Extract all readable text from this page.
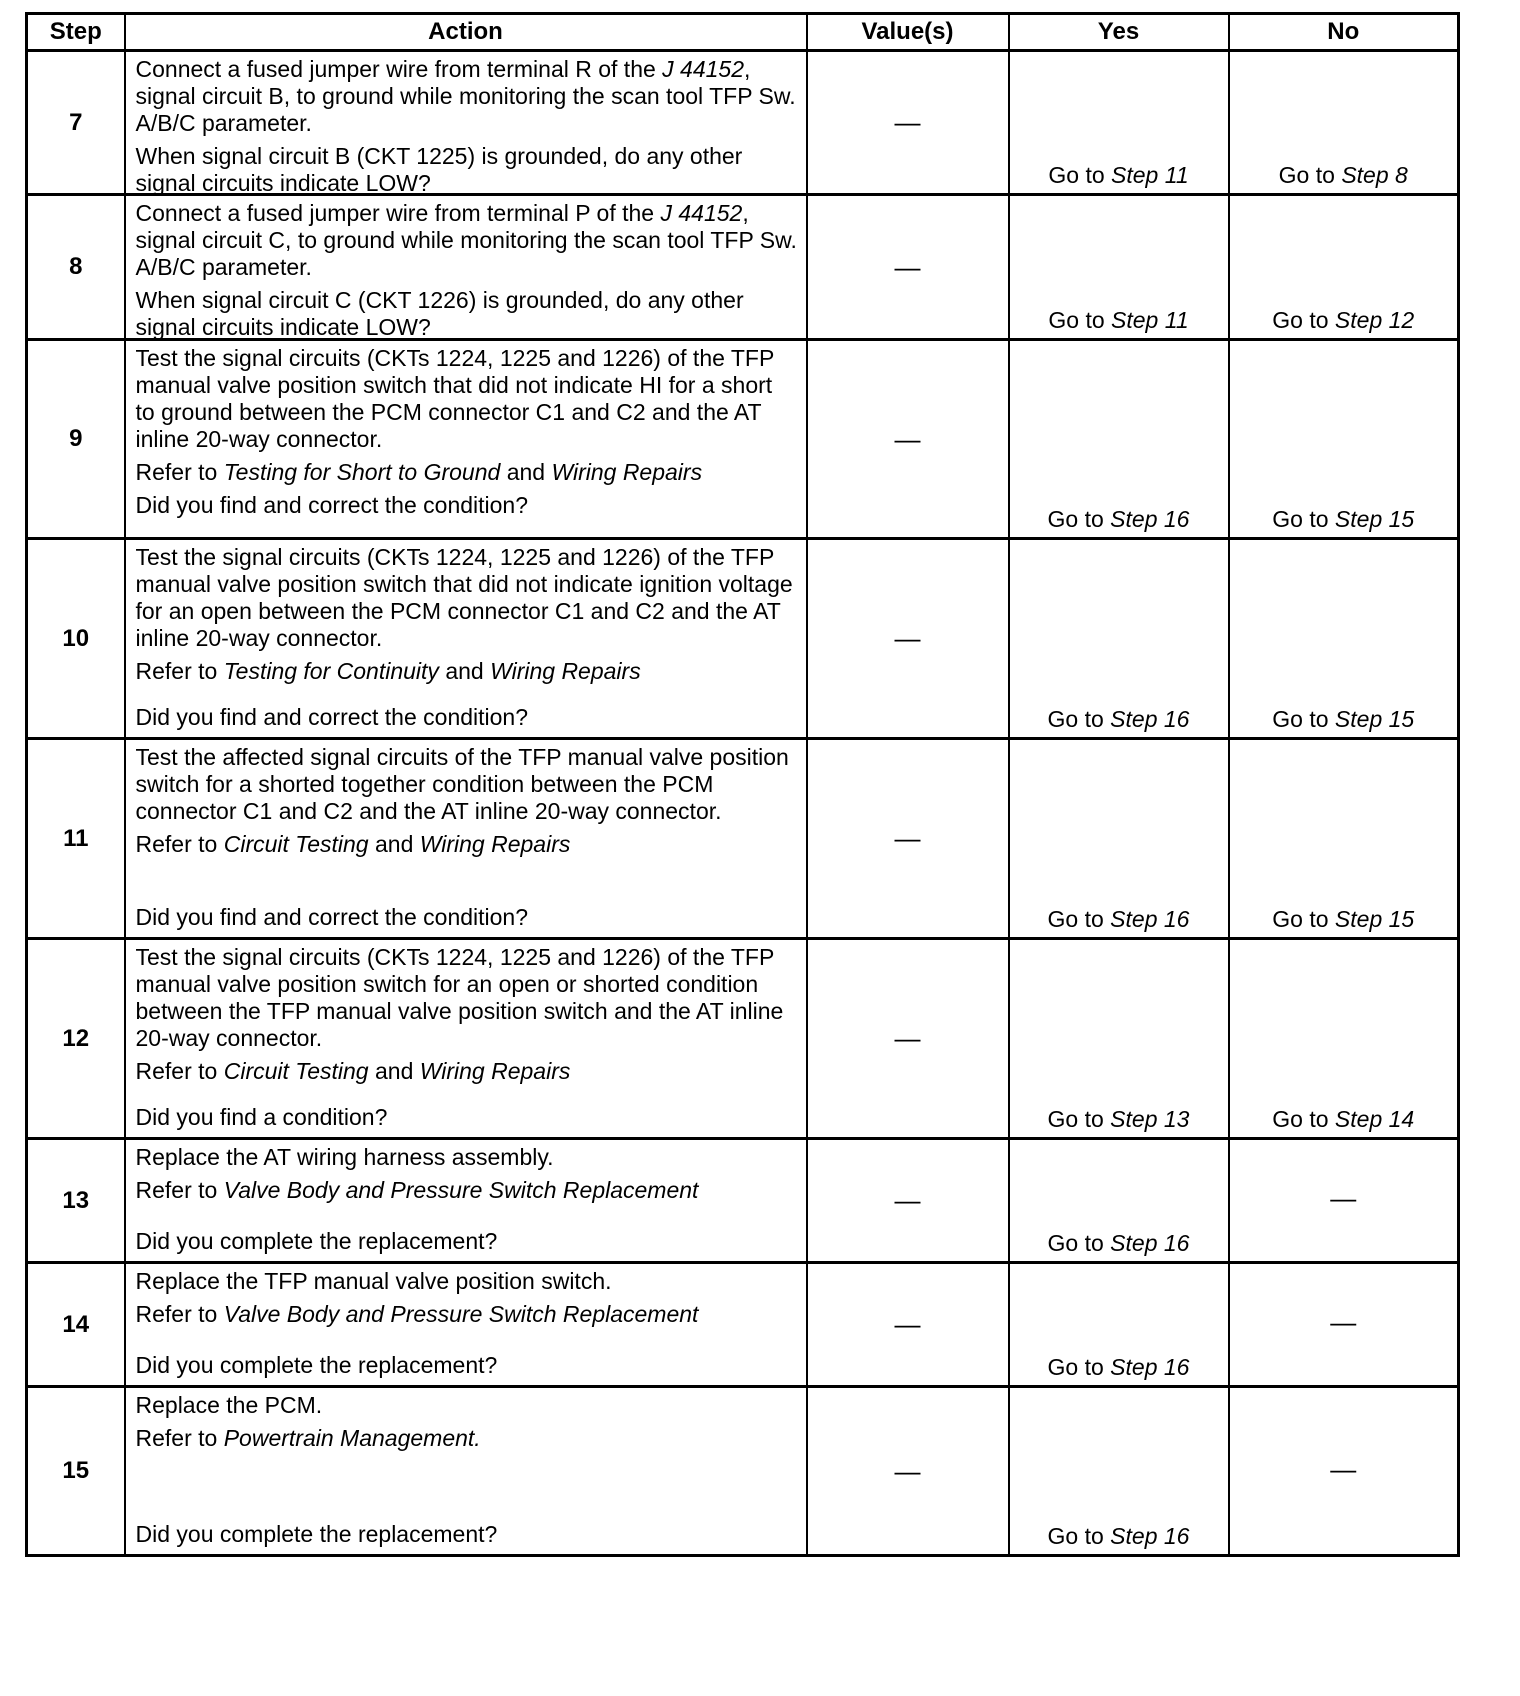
Step	Action	Value(s)	Yes	No
7	Connect a fused jumper wire from terminal R of the J 44152, signal circuit B, to ground while monitoring the scan tool TFP Sw. A/B/C parameter.
When signal circuit B (CKT 1225) is grounded, do any other signal circuits indicate LOW?	—	Go to Step 11	Go to Step 8
8	Connect a fused jumper wire from terminal P of the J 44152, signal circuit C, to ground while monitoring the scan tool TFP Sw. A/B/C parameter.
When signal circuit C (CKT 1226) is grounded, do any other signal circuits indicate LOW?	—	Go to Step 11	Go to Step 12
9	Test the signal circuits (CKTs 1224, 1225 and 1226) of the TFP manual valve position switch that did not indicate HI for a short to ground between the PCM connector C1 and C2 and the AT inline 20-way connector.
Refer to Testing for Short to Ground and Wiring Repairs
Did you find and correct the condition?	—	Go to Step 16	Go to Step 15
10	Test the signal circuits (CKTs 1224, 1225 and 1226) of the TFP manual valve position switch that did not indicate ignition voltage for an open between the PCM connector C1 and C2 and the AT inline 20-way connector.
Refer to Testing for Continuity and Wiring Repairs
Did you find and correct the condition?	—	Go to Step 16	Go to Step 15
11	Test the affected signal circuits of the TFP manual valve position switch for a shorted together condition between the PCM connector C1 and C2 and the AT inline 20-way connector.
Refer to Circuit Testing and Wiring Repairs
Did you find and correct the condition?	—	Go to Step 16	Go to Step 15
12	Test the signal circuits (CKTs 1224, 1225 and 1226) of the TFP manual valve position switch for an open or shorted condition between the TFP manual valve position switch and the AT inline 20-way connector.
Refer to Circuit Testing and Wiring Repairs
Did you find a condition?	—	Go to Step 13	Go to Step 14
13	Replace the AT wiring harness assembly.
Refer to Valve Body and Pressure Switch Replacement
Did you complete the replacement?	—	Go to Step 16	—
14	Replace the TFP manual valve position switch.
Refer to Valve Body and Pressure Switch Replacement
Did you complete the replacement?	—	Go to Step 16	—
15	Replace the PCM.
Refer to Powertrain Management.
Did you complete the replacement?	—	Go to Step 16	—
